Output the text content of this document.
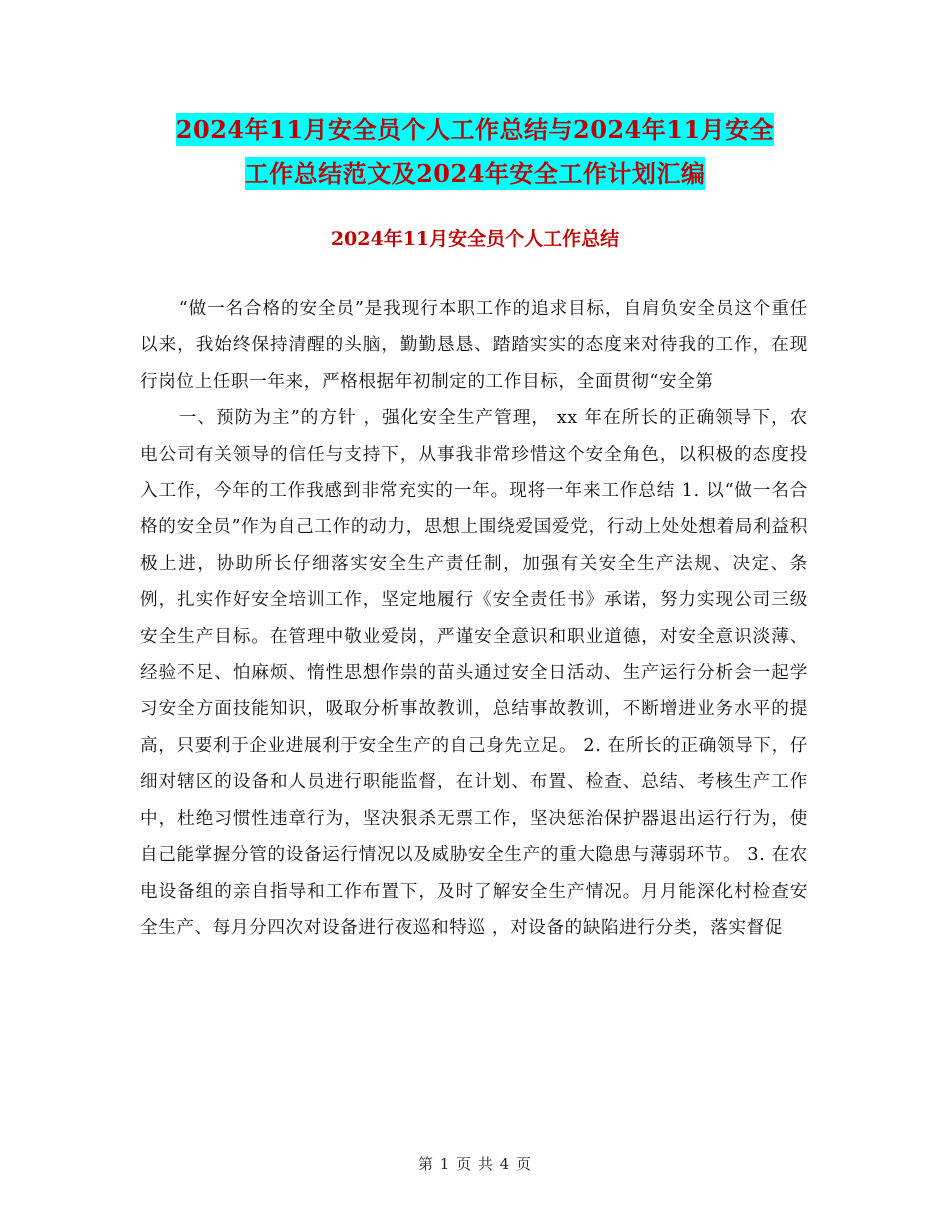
2024年11月安全员个人工作总结与2024年11月安全
工作总结范文及2024年安全工作计划汇编
2024年11月安全员个人工作总结

“做一名合格的安全员”是我现行本职工作的追求目标，自肩负安全员这个重任以来，我始终保持清醒的头脑，勤勤恳恳、踏踏实实的态度来对待我的工作，在现行岗位上任职一年来，严格根据年初制定的工作目标，全面贯彻“安全第

一、预防为主”的方针 ，强化安全生产管理， xx 年在所长的正确领导下，农电公司有关领导的信任与支持下，从事我非常珍惜这个安全角色，以积极的态度投入工作，今年的工作我感到非常充实的一年。现将一年来工作总结 1. 以“做一名合格的安全员”作为自己工作的动力，思想上围绕爱国爱党，行动上处处想着局利益积极上进，协助所长仔细落实安全生产责任制，加强有关安全生产法规、决定、条例，扎实作好安全培训工作，坚定地履行《安全责任书》承诺，努力实现公司三级安全生产目标。在管理中敬业爱岗，严谨安全意识和职业道德，对安全意识淡薄、经验不足、怕麻烦、惰性思想作祟的苗头通过安全日活动、生产运行分析会一起学习安全方面技能知识，吸取分析事故教训，总结事故教训，不断增进业务水平的提高，只要利于企业进展利于安全生产的自己身先立足。 2. 在所长的正确领导下，仔细对辖区的设备和人员进行职能监督，在计划、布置、检查、总结、考核生产工作中，杜绝习惯性违章行为，坚决狠杀无票工作，坚决惩治保护器退出运行行为，使自己能掌握分管的设备运行情况以及威胁安全生产的重大隐患与薄弱环节。 3. 在农电设备组的亲自指导和工作布置下，及时了解安全生产情况。月月能深化村检查安全生产、每月分四次对设备进行夜巡和特巡 ，对设备的缺陷进行分类，落实督促

第 1 页 共 4 页
